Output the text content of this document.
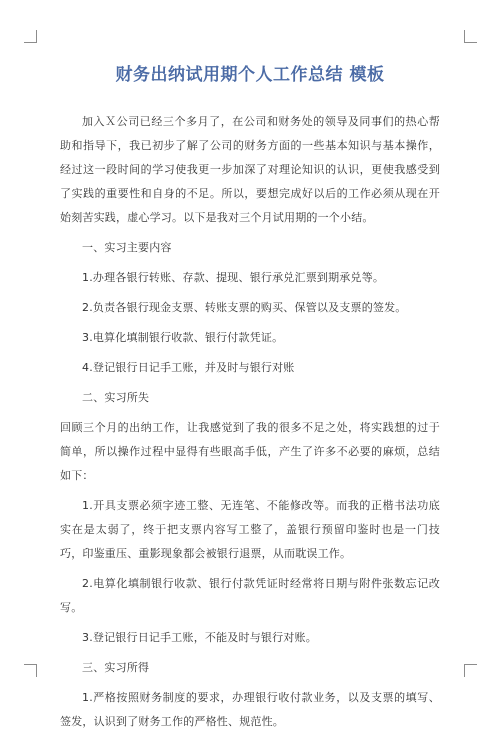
财务出纳试用期个人工作总结 模板

加入Ｘ公司已经三个多月了，在公司和财务处的领导及同事们的热心帮助和指导下，我已初步了解了公司的财务方面的一些基本知识与基本操作，经过这一段时间的学习使我更一步加深了对理论知识的认识，更使我感受到了实践的重要性和自身的不足。所以，要想完成好以后的工作必须从现在开始刻苦实践，虚心学习。以下是我对三个月试用期的一个小结。

一、实习主要内容

1.办理各银行转账、存款、提现、银行承兑汇票到期承兑等。

2.负责各银行现金支票、转账支票的购买、保管以及支票的签发。

3.电算化填制银行收款、银行付款凭证。

4.登记银行日记手工账，并及时与银行对账

二、实习所失

回顾三个月的出纳工作，让我感觉到了我的很多不足之处，将实践想的过于简单，所以操作过程中显得有些眼高手低，产生了许多不必要的麻烦，总结如下：

1.开具支票必须字迹工整、无连笔、不能修改等。而我的正楷书法功底实在是太弱了，终于把支票内容写工整了，盖银行预留印鉴时也是一门技巧，印鉴重压、重影现象都会被银行退票，从而耽误工作。

2.电算化填制银行收款、银行付款凭证时经常将日期与附件张数忘记改写。

3.登记银行日记手工账，不能及时与银行对账。

三、实习所得

1.严格按照财务制度的要求，办理银行收付款业务，以及支票的填写、签发，认识到了财务工作的严格性、规范性。
